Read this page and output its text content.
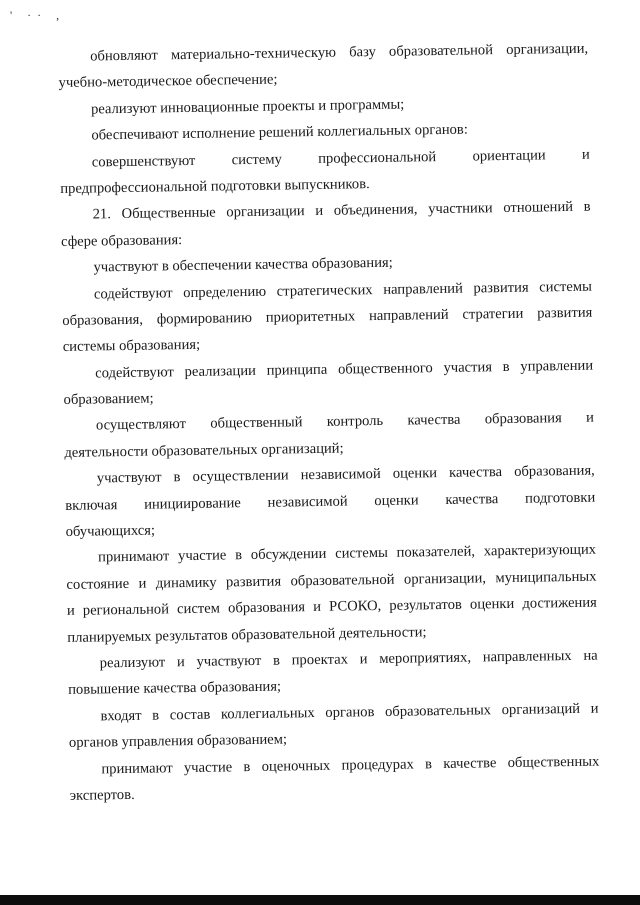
' ·· ,
обновляют материально-техническую базу образовательной организации,
учебно-методическое обеспечение;
реализуют инновационные проекты и программы;
обеспечивают исполнение решений коллегиальных органов:
совершенствуют системy профессиональной ориентации и
предпрофессиональной подготовки выпускников.
21. Общественные организации и объединения, участники отношений в
сфере образования:
участвуют в обеспечении качества образования;
содействуют определению стратегических направлений развития системы
образования, формированию приоритетных направлений стратегии развития
системы образования;
содействуют реализации принципа общественного участия в управлении
образованием;
осуществляют общественный контроль качества образования и
деятельности образовательных организаций;
участвуют в осуществлении независимой оценки качества образования,
включая инициирование независимой оценки качества подготовки
обучающихся;
принимают участие в обсуждении системы показателей, характеризующих
состояние и динамику развития образовательной организации, муниципальных
и региональной систем образования и РСОКО, результатов оценки достижения
планируемых результатов образовательной деятельности;
реализуют и участвуют в проектах и мероприятиях, направленных на
повышение качества образования;
входят в состав коллегиальных органов образовательных организаций и
органов управления образованием;
принимают участие в оценочных процедурах в качестве общественных
экспертов.
